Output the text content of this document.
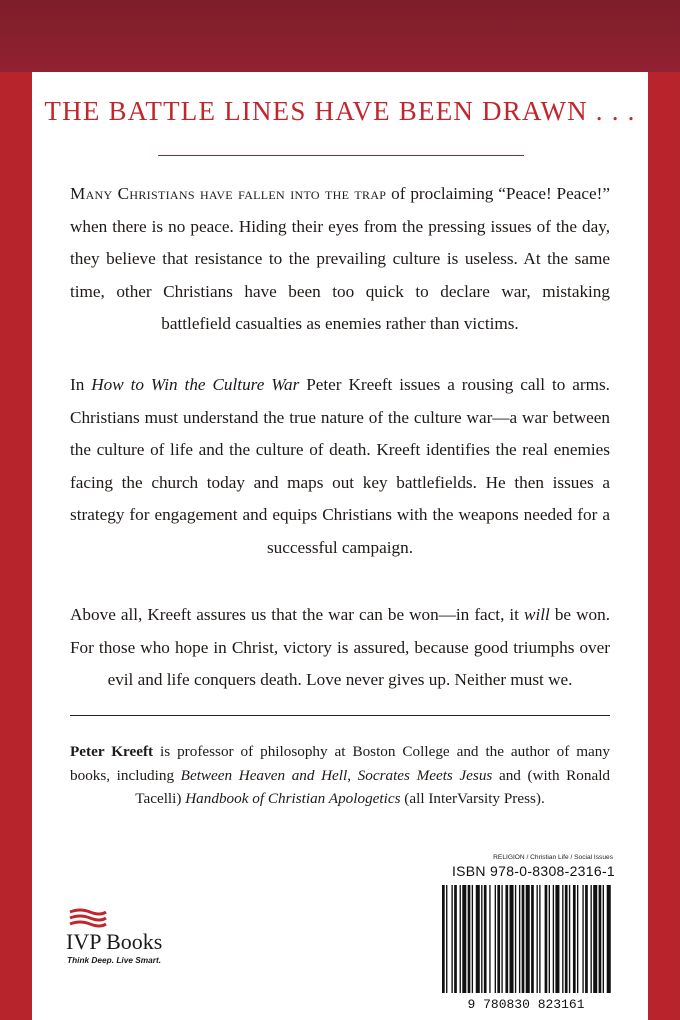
THE BATTLE LINES HAVE BEEN DRAWN . . .

Many Christians have fallen into the trap of proclaiming “Peace! Peace!” when there is no peace. Hiding their eyes from the pressing issues of the day, they believe that resistance to the prevailing culture is useless. At the same time, other Christians have been too quick to declare war, mistaking battlefield casualties as enemies rather than victims.

In How to Win the Culture War Peter Kreeft issues a rousing call to arms. Christians must understand the true nature of the culture war—a war between the culture of life and the culture of death. Kreeft identifies the real enemies facing the church today and maps out key battlefields. He then issues a strategy for engagement and equips Christians with the weapons needed for a successful campaign.

Above all, Kreeft assures us that the war can be won—in fact, it will be won. For those who hope in Christ, victory is assured, because good triumphs over evil and life conquers death. Love never gives up. Neither must we.

Peter Kreeft is professor of philosophy at Boston College and the author of many books, including Between Heaven and Hell, Socrates Meets Jesus and (with Ronald Tacelli) Handbook of Christian Apologetics (all InterVarsity Press).

IVP Books
Think Deep. Live Smart.
RELIGION / Christian Life / Social Issues
ISBN 978-0-8308-2316-1
9 780830 823161
